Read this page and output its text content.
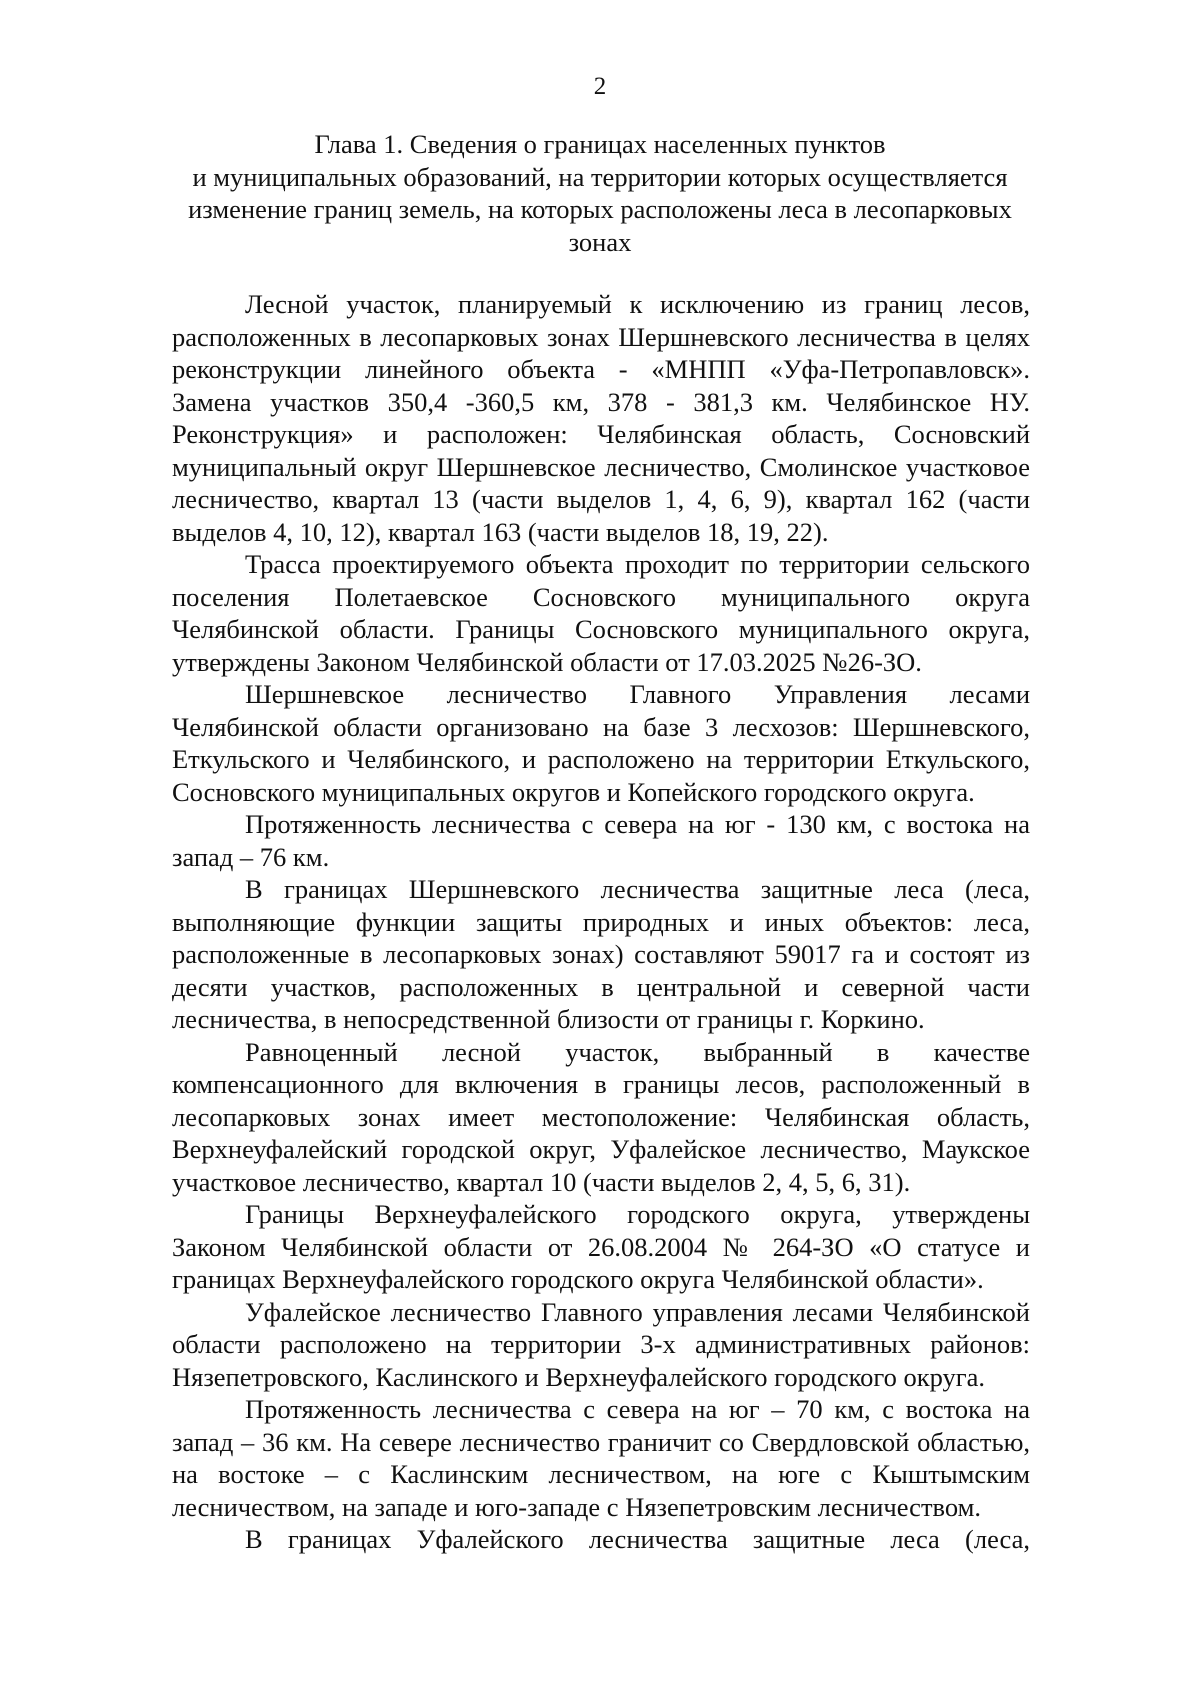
2
Глава 1. Сведения о границах населенных пунктов
и муниципальных образований, на территории которых осуществляется
изменение границ земель, на которых расположены леса в лесопарковых
зонах

Лесной участок, планируемый к исключению из границ лесов, расположенных в лесопарковых зонах Шершневского лесничества в целях реконструкции линейного объекта - «МНПП «Уфа-Петропавловск». Замена участков 350,4 -360,5 км, 378 - 381,3 км. Челябинское НУ. Реконструкция» и расположен: Челябинская область, Сосновский муниципальный округ Шершневское лесничество, Смолинское участковое лесничество, квартал 13 (части выделов 1, 4, 6, 9), квартал 162 (части выделов 4, 10, 12), квартал 163 (части выделов 18, 19, 22).

Трасса проектируемого объекта проходит по территории сельского поселения Полетаевское Сосновского муниципального округа Челябинской области. Границы Сосновского муниципального округа, утверждены Законом Челябинской области от 17.03.2025 №26-ЗО.

Шершневское лесничество Главного Управления лесами Челябинской области организовано на базе 3 лесхозов: Шершневского, Еткульского и Челябинского, и расположено на территории Еткульского, Сосновского муниципальных округов и Копейского городского округа.

Протяженность лесничества с севера на юг - 130 км, с востока на запад – 76 км.

В границах Шершневского лесничества защитные леса (леса, выполняющие функции защиты природных и иных объектов: леса, расположенные в лесопарковых зонах) составляют 59017 га и состоят из десяти участков, расположенных в центральной и северной части лесничества, в непосредственной близости от границы г. Коркино.

Равноценный лесной участок, выбранный в качестве компенсационного для включения в границы лесов, расположенный в лесопарковых зонах имеет местоположение: Челябинская область, Верхнеуфалейский городской округ, Уфалейское лесничество, Маукское участковое лесничество, квартал 10 (части выделов 2, 4, 5, 6, 31).

Границы Верхнеуфалейского городского округа, утверждены Законом Челябинской области от 26.08.2004 № 264-ЗО «О статусе и границах Верхнеуфалейского городского округа Челябинской области».

Уфалейское лесничество Главного управления лесами Челябинской области расположено на территории 3-х административных районов: Нязепетровского, Каслинского и Верхнеуфалейского городского округа.

Протяженность лесничества с севера на юг – 70 км, с востока на запад – 36 км. На севере лесничество граничит со Свердловской областью, на востоке – с Каслинским лесничеством, на юге с Кыштымским лесничеством, на западе и юго-западе с Нязепетровским лесничеством.

В границах Уфалейского лесничества защитные леса (леса,
